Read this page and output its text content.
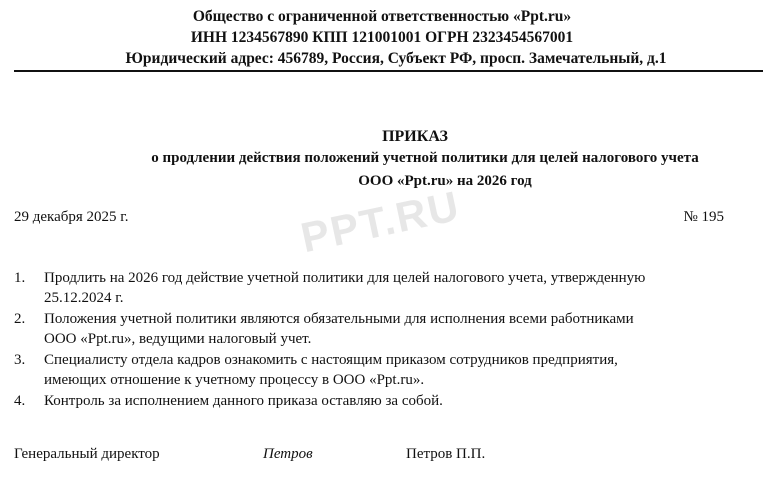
Общество с ограниченной ответственностью «Ppt.ru»
ИНН 1234567890 КПП 121001001 ОГРН 2323454567001
Юридический адрес: 456789, Россия, Субъект РФ, просп. Замечательный, д.1
PPT.RU
ПРИКАЗ
о продлении действия положений учетной политики для целей налогового учета
ООО «Ppt.ru» на 2026 год
29 декабря 2025 г.	№ 195
1. Продлить на 2026 год действие учетной политики для целей налогового учета, утвержденную
25.12.2024 г.
2. Положения учетной политики являются обязательными для исполнения всеми работниками
ООО «Ppt.ru», ведущими налоговый учет.
3. Специалисту отдела кадров ознакомить с настоящим приказом сотрудников предприятия,
имеющих отношение к учетному процессу в ООО «Ppt.ru».
4. Контроль за исполнением данного приказа оставляю за собой.
Генеральный директор	Петров	Петров П.П.
